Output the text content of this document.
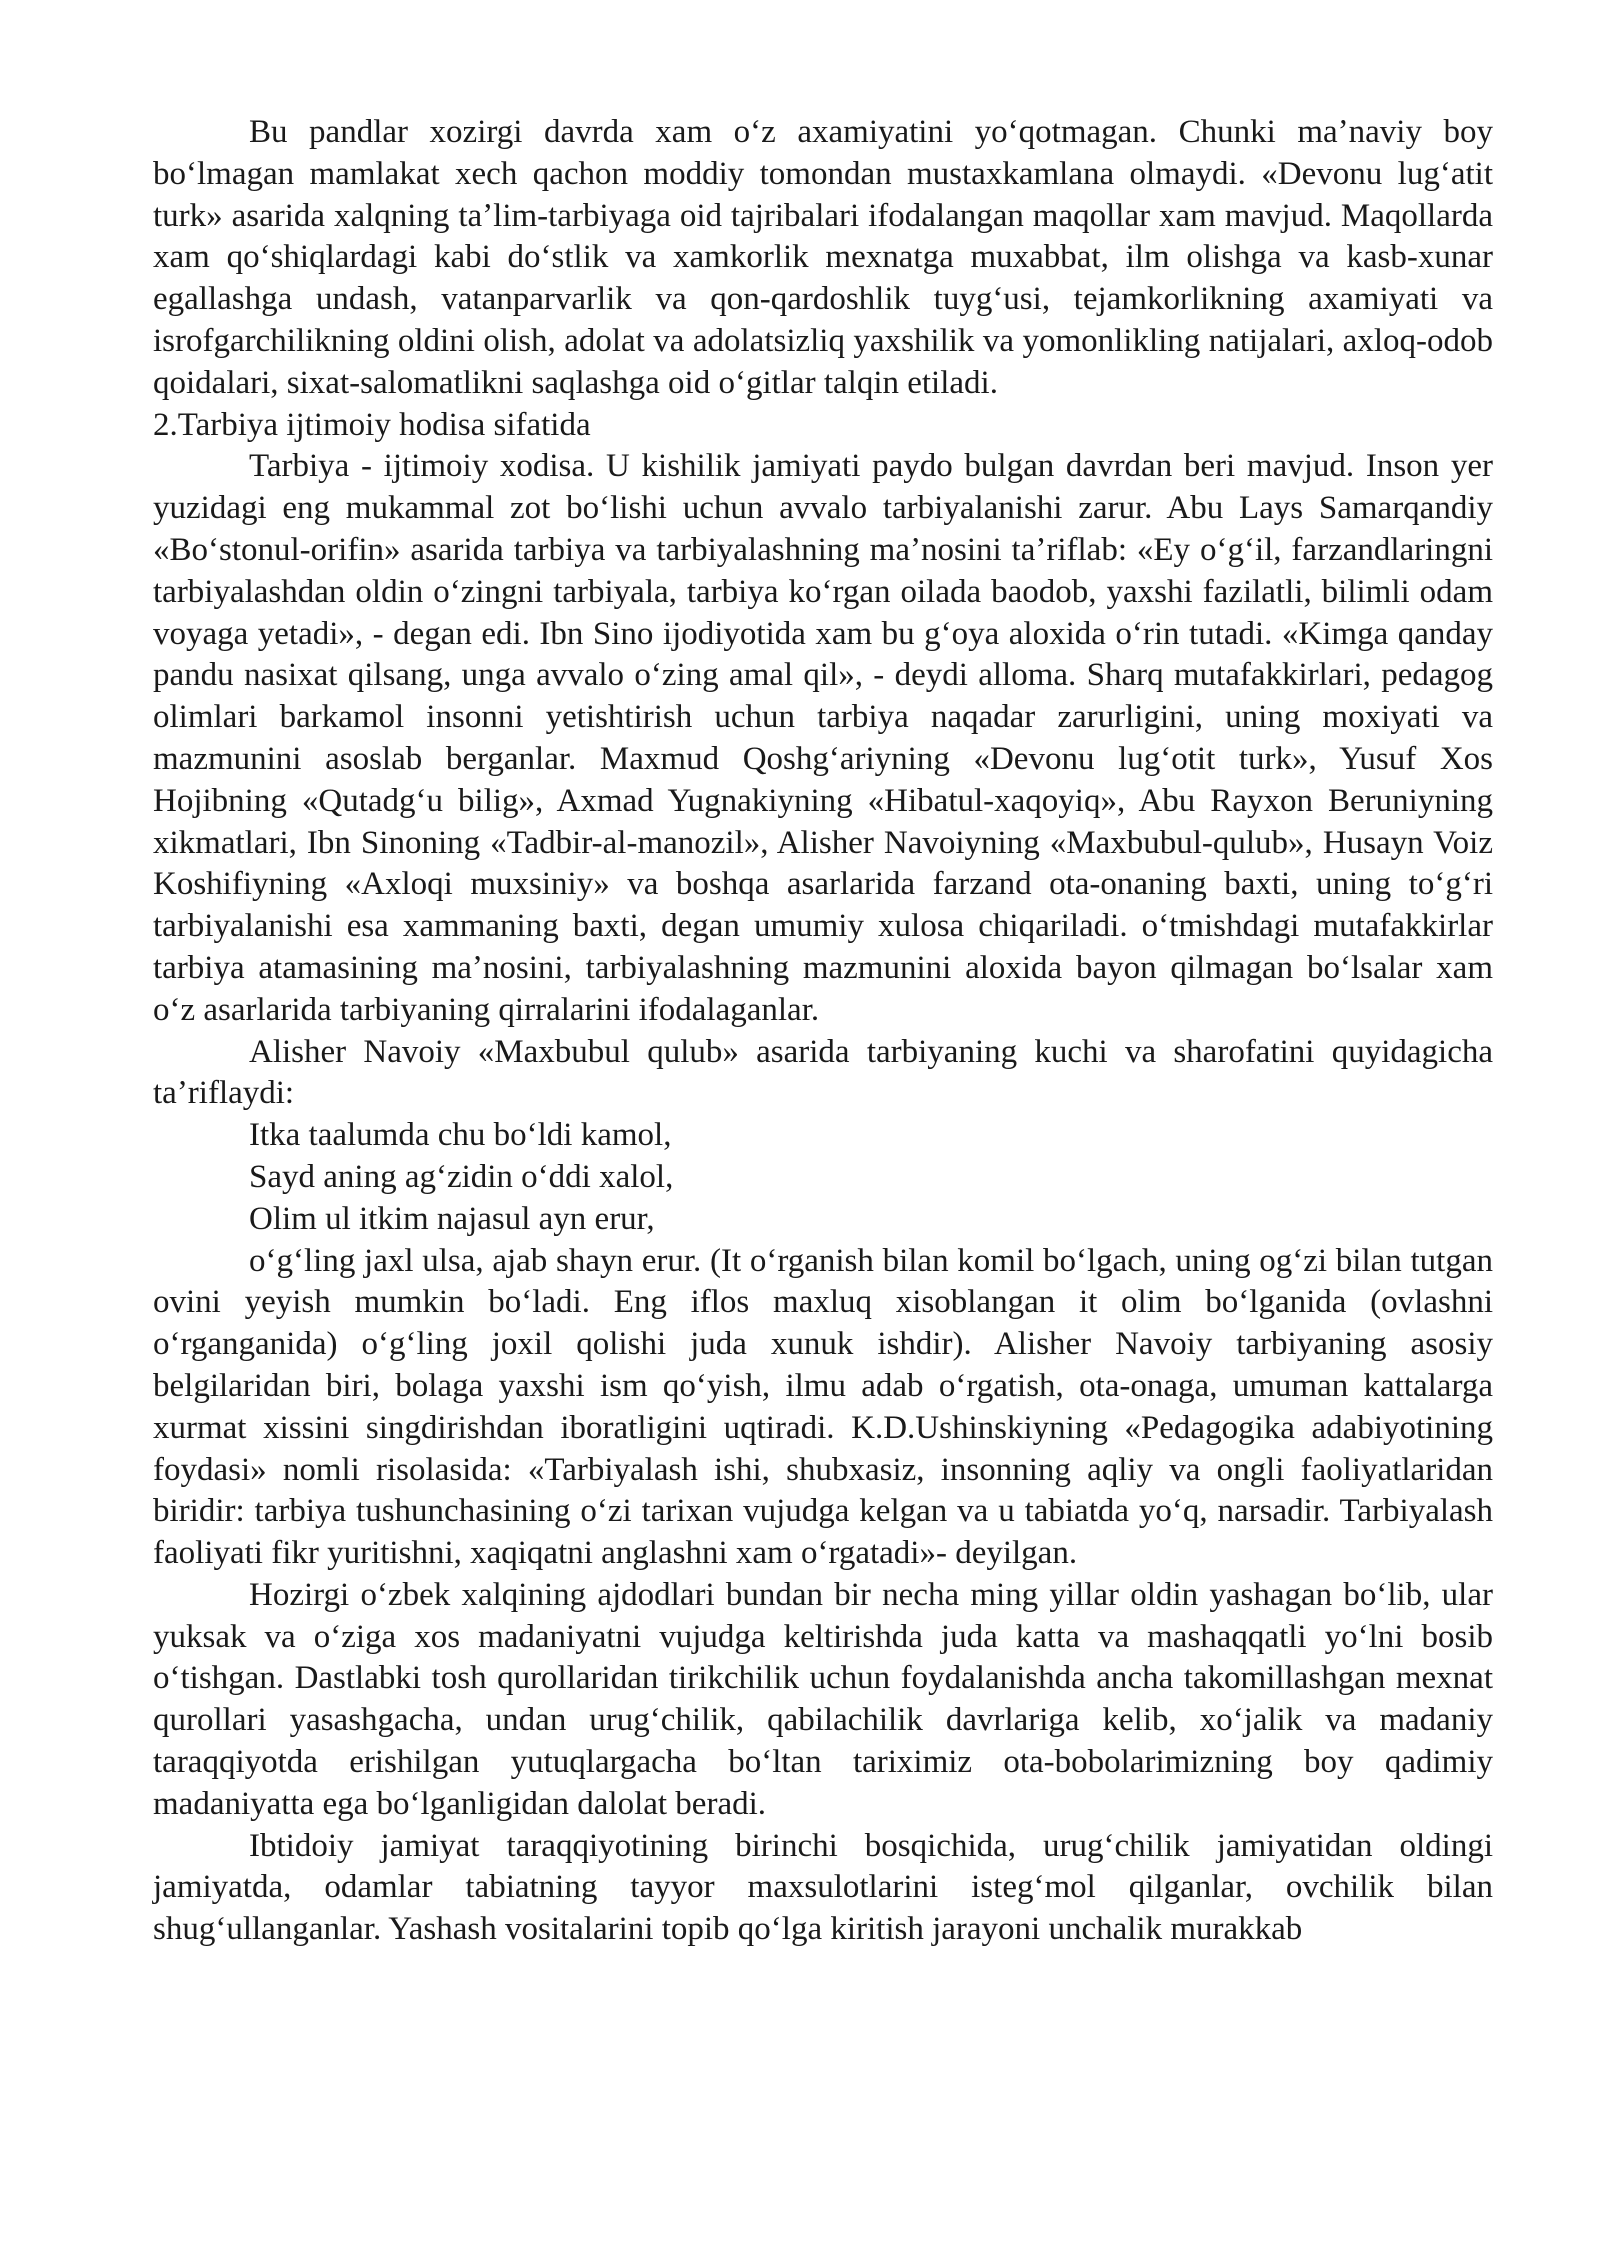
Bu pandlar xozirgi davrda xam oʻz axamiyatini yoʻqotmagan. Chunki maʼnaviy boy boʻlmagan mamlakat xech qachon moddiy tomondan mustaxkamlana olmaydi. «Devonu lugʻatit turk» asarida xalqning taʼlim-tarbiyaga oid tajribalari ifodalangan maqollar xam mavjud. Maqollarda xam qoʻshiqlardagi kabi doʻstlik va xamkorlik mexnatga muxabbat, ilm olishga va kasb-xunar egallashga undash, vatanparvarlik va qon-qardoshlik tuygʻusi, tejamkorlikning axamiyati va isrofgarchilikning oldini olish, adolat va adolatsizliq yaxshilik va yomonlikling natijalari, axloq-odob qoidalari, sixat-salomatlikni saqlashga oid oʻgitlar talqin etiladi.

2.Tarbiya ijtimoiy hodisa sifatida

Tarbiya - ijtimoiy xodisa. U kishilik jamiyati paydo bulgan davrdan beri mavjud. Inson yer yuzidagi eng mukammal zot boʻlishi uchun avvalo tarbiyalanishi zarur. Abu Lays Samarqandiy «Boʻstonul-orifin» asarida tarbiya va tarbiyalashning maʼnosini taʼriflab: «Ey oʻgʻil, farzandlaringni tarbiyalashdan oldin oʻzingni tarbiyala, tarbiya koʻrgan oilada baodob, yaxshi fazilatli, bilimli odam voyaga yetadi», - degan edi. Ibn Sino ijodiyotida xam bu gʻoya aloxida oʻrin tutadi. «Kimga qanday pandu nasixat qilsang, unga avvalo oʻzing amal qil», - deydi alloma. Sharq mutafakkirlari, pedagog olimlari barkamol insonni yetishtirish uchun tarbiya naqadar zarurligini, uning moxiyati va mazmunini asoslab berganlar. Maxmud Qoshgʻariyning «Devonu lugʻotit turk», Yusuf Xos Hojibning «Qutadgʻu bilig», Axmad Yugnakiyning «Hibatul-xaqoyiq», Abu Rayxon Beruniyning xikmatlari, Ibn Sinoning «Tadbir-al-manozil», Alisher Navoiyning «Maxbubul-qulub», Husayn Voiz Koshifiyning «Axloqi muxsiniy» va boshqa asarlarida farzand ota-onaning baxti, uning toʻgʻri tarbiyalanishi esa xammaning baxti, degan umumiy xulosa chiqariladi. oʻtmishdagi mutafakkirlar tarbiya atamasining maʼnosini, tarbiyalashning mazmunini aloxida bayon qilmagan boʻlsalar xam oʻz asarlarida tarbiyaning qirralarini ifodalaganlar.

Alisher Navoiy «Maxbubul qulub» asarida tarbiyaning kuchi va sharofatini quyidagicha taʼriflaydi:

Itka taalumda chu boʻldi kamol,

Sayd aning agʻzidin oʻddi xalol,

Olim ul itkim najasul ayn erur,

oʻgʻling jaxl ulsa, ajab shayn erur. (It oʻrganish bilan komil boʻlgach, uning ogʻzi bilan tutgan ovini yeyish mumkin boʻladi. Eng iflos maxluq xisoblangan it olim boʻlganida (ovlashni oʻrganganida) oʻgʻling joxil qolishi juda xunuk ishdir). Alisher Navoiy tarbiyaning asosiy belgilaridan biri, bolaga yaxshi ism qoʻyish, ilmu adab oʻrgatish, ota-onaga, umuman kattalarga xurmat xissini singdirishdan iboratligini uqtiradi. K.D.Ushinskiyning «Pedagogika adabiyotining foydasi» nomli risolasida: «Tarbiyalash ishi, shubxasiz, insonning aqliy va ongli faoliyatlaridan biridir: tarbiya tushunchasining oʻzi tarixan vujudga kelgan va u tabiatda yoʻq, narsadir. Tarbiyalash faoliyati fikr yuritishni, xaqiqatni anglashni xam oʻrgatadi»- deyilgan.

Hozirgi oʻzbek xalqining ajdodlari bundan bir necha ming yillar oldin yashagan boʻlib, ular yuksak va oʻziga xos madaniyatni vujudga keltirishda juda katta va mashaqqatli yoʻlni bosib oʻtishgan. Dastlabki tosh qurollaridan tirikchilik uchun foydalanishda ancha takomillashgan mexnat qurollari yasashgacha, undan urugʻchilik, qabilachilik davrlariga kelib, xoʻjalik va madaniy taraqqiyotda erishilgan yutuqlargacha boʻltan tariximiz ota-bobolarimizning boy qadimiy madaniyatta ega boʻlganligidan dalolat beradi.

Ibtidoiy jamiyat taraqqiyotining birinchi bosqichida, urugʻchilik jamiyatidan oldingi jamiyatda, odamlar tabiatning tayyor maxsulotlarini istegʻmol qilganlar, ovchilik bilan shugʻullanganlar. Yashash vositalarini topib qoʻlga kiritish jarayoni unchalik murakkab
